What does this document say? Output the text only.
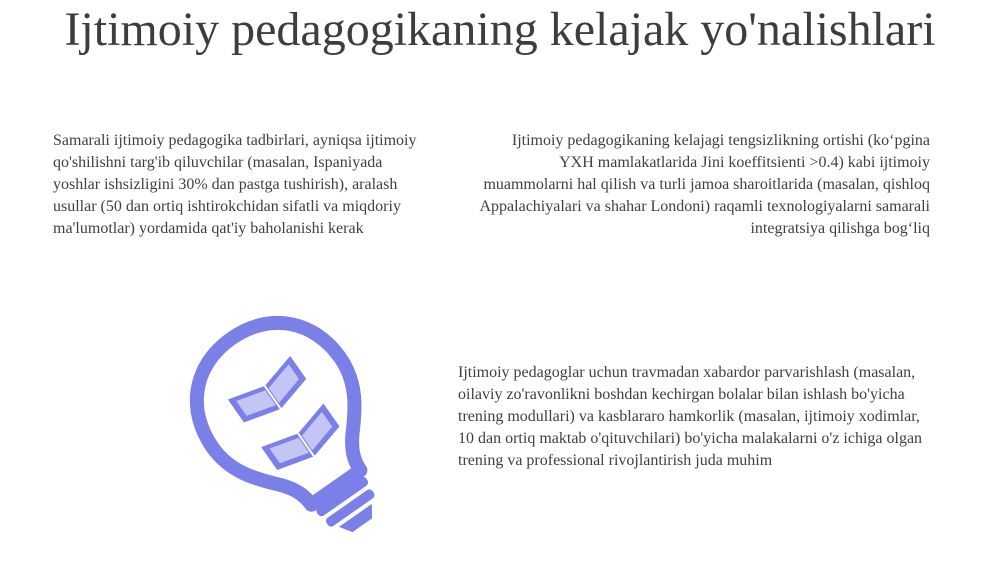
Ijtimoiy pedagogikaning kelajak yo'nalishlari

Samarali ijtimoiy pedagogika tadbirlari, ayniqsa ijtimoiy qo'shilishni targ'ib qiluvchilar (masalan, Ispaniyada yoshlar ishsizligini 30% dan pastga tushirish), aralash usullar (50 dan ortiq ishtirokchidan sifatli va miqdoriy ma'lumotlar) yordamida qat'iy baholanishi kerak

Ijtimoiy pedagogikaning kelajagi tengsizlikning ortishi (ko‘pgina YXH mamlakatlarida Jini koeffitsienti >0.4) kabi ijtimoiy muammolarni hal qilish va turli jamoa sharoitlarida (masalan, qishloq Appalachiyalari va shahar Londoni) raqamli texnologiyalarni samarali integratsiya qilishga bog‘liq

Ijtimoiy pedagoglar uchun travmadan xabardor parvarishlash (masalan, oilaviy zo'ravonlikni boshdan kechirgan bolalar bilan ishlash bo'yicha trening modullari) va kasblararo hamkorlik (masalan, ijtimoiy xodimlar, 10 dan ortiq maktab o'qituvchilari) bo'yicha malakalarni o'z ichiga olgan trening va professional rivojlantirish juda muhim
